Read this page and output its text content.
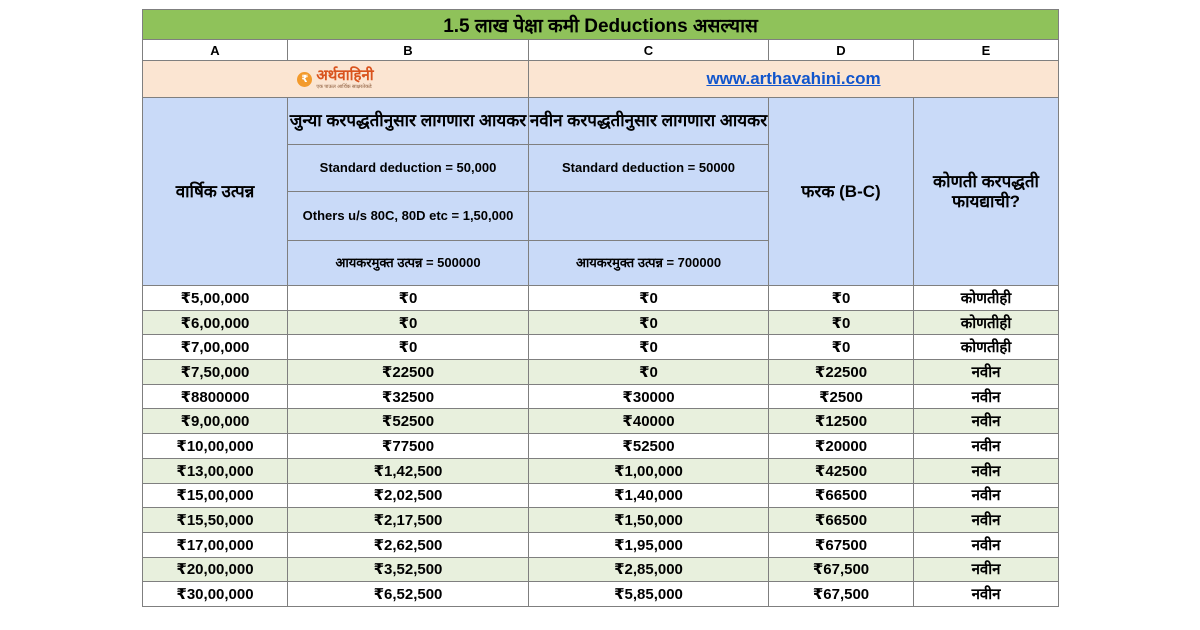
1.5 लाख पेक्षा कमी Deductions असल्यास				
A	B	C	D	E

₹ अर्थवाहिनी
एक पाऊल आर्थिक साक्षरतेकडे		www.arthavahini.com		
वार्षिक उत्पन्न	जुन्या करपद्धतीनुसार लागणारा आयकर	नवीन करपद्धतीनुसार लागणारा आयकर	फरक (B-C)	कोणती करपद्धती फायद्याची?
	Standard deduction = 50,000	Standard deduction = 50000		
	Others u/s 80C, 80D etc = 1,50,000			
	आयकरमुक्त उत्पन्न = 500000	आयकरमुक्त उत्पन्न = 700000		
₹5,00,000	₹0	₹0	₹0	कोणतीही
₹6,00,000	₹0	₹0	₹0	कोणतीही
₹7,00,000	₹0	₹0	₹0	कोणतीही
₹7,50,000	₹22500	₹0	₹22500	नवीन
₹8800000	₹32500	₹30000	₹2500	नवीन
₹9,00,000	₹52500	₹40000	₹12500	नवीन
₹10,00,000	₹77500	₹52500	₹20000	नवीन
₹13,00,000	₹1,42,500	₹1,00,000	₹42500	नवीन
₹15,00,000	₹2,02,500	₹1,40,000	₹66500	नवीन
₹15,50,000	₹2,17,500	₹1,50,000	₹66500	नवीन
₹17,00,000	₹2,62,500	₹1,95,000	₹67500	नवीन
₹20,00,000	₹3,52,500	₹2,85,000	₹67,500	नवीन
₹30,00,000	₹6,52,500	₹5,85,000	₹67,500	नवीन
